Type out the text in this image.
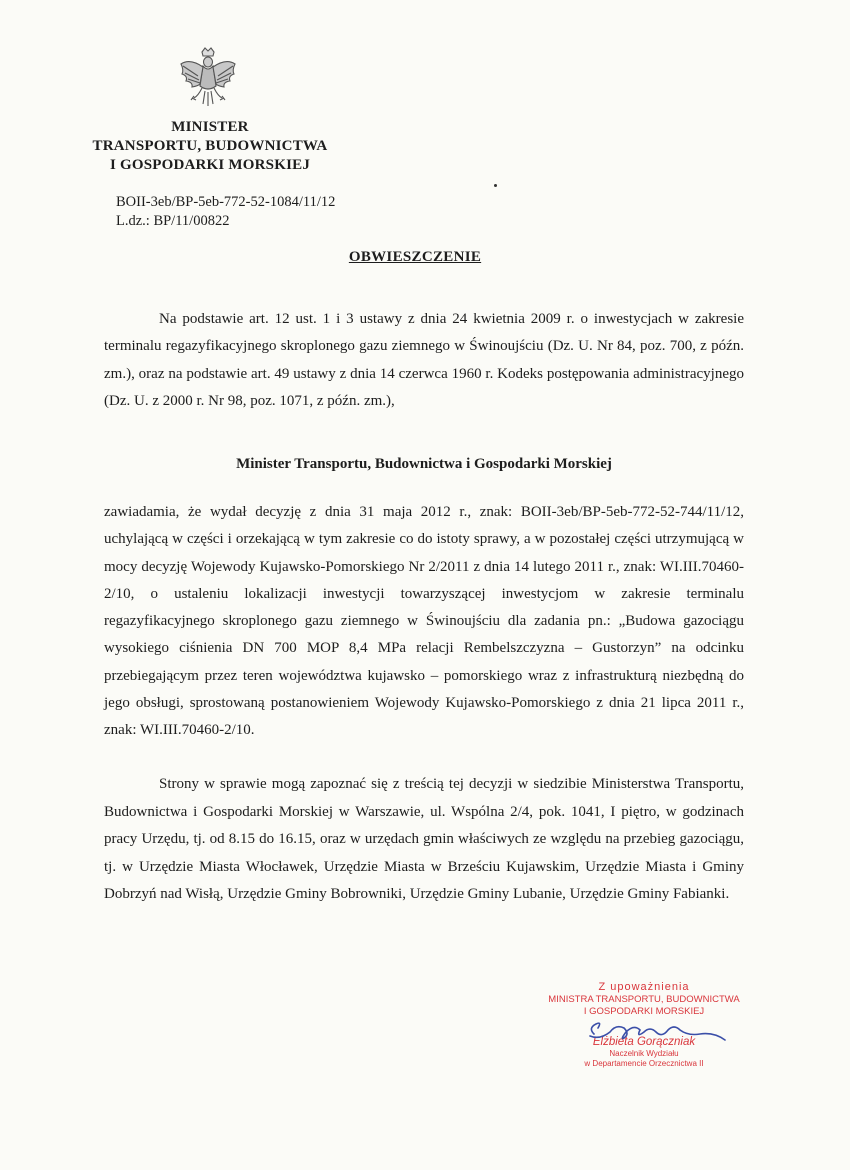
MINISTER
TRANSPORTU, BUDOWNICTWA
I GOSPODARKI MORSKIEJ
BOII-3eb/BP-5eb-772-52-1084/11/12
L.dz.: BP/11/00822
OBWIESZCZENIE

Na podstawie art. 12 ust. 1 i 3 ustawy z dnia 24 kwietnia 2009 r. o inwestycjach w zakresie terminalu regazyfikacyjnego skroplonego gazu ziemnego w Świnoujściu (Dz. U. Nr 84, poz. 700, z późn. zm.), oraz na podstawie art. 49 ustawy z dnia 14 czerwca 1960 r. Kodeks postępowania administracyjnego (Dz. U. z 2000 r. Nr 98, poz. 1071, z późn. zm.),

Minister Transportu, Budownictwa i Gospodarki Morskiej

zawiadamia, że wydał decyzję z dnia 31 maja 2012 r., znak: BOII-3eb/BP-5eb-772-52-744/11/12, uchylającą w części i orzekającą w tym zakresie co do istoty sprawy, a w pozostałej części utrzymującą w mocy decyzję Wojewody Kujawsko-Pomorskiego Nr 2/2011 z dnia 14 lutego 2011 r., znak: WI.III.70460-2/10, o ustaleniu lokalizacji inwestycji towarzyszącej inwestycjom w zakresie terminalu regazyfikacyjnego skroplonego gazu ziemnego w Świnoujściu dla zadania pn.: „Budowa gazociągu wysokiego ciśnienia DN 700 MOP 8,4 MPa relacji Rembelszczyzna – Gustorzyn” na odcinku przebiegającym przez teren województwa kujawsko – pomorskiego wraz z infrastrukturą niezbędną do jego obsługi, sprostowaną postanowieniem Wojewody Kujawsko-Pomorskiego z dnia 21 lipca 2011 r., znak: WI.III.70460-2/10.

Strony w sprawie mogą zapoznać się z treścią tej decyzji w siedzibie Ministerstwa Transportu, Budownictwa i Gospodarki Morskiej w Warszawie, ul. Wspólna 2/4, pok. 1041, I piętro, w godzinach pracy Urzędu, tj. od 8.15 do 16.15, oraz w urzędach gmin właściwych ze względu na przebieg gazociągu, tj. w Urzędzie Miasta Włocławek, Urzędzie Miasta w Brześciu Kujawskim, Urzędzie Miasta i Gminy Dobrzyń nad Wisłą, Urzędzie Gminy Bobrowniki, Urzędzie Gminy Lubanie, Urzędzie Gminy Fabianki.

Z upoważnienia
MINISTRA TRANSPORTU, BUDOWNICTWA
I GOSPODARKI MORSKIEJ
Elżbieta Gorączniak
Naczelnik Wydziału
w Departamencie Orzecznictwa II
